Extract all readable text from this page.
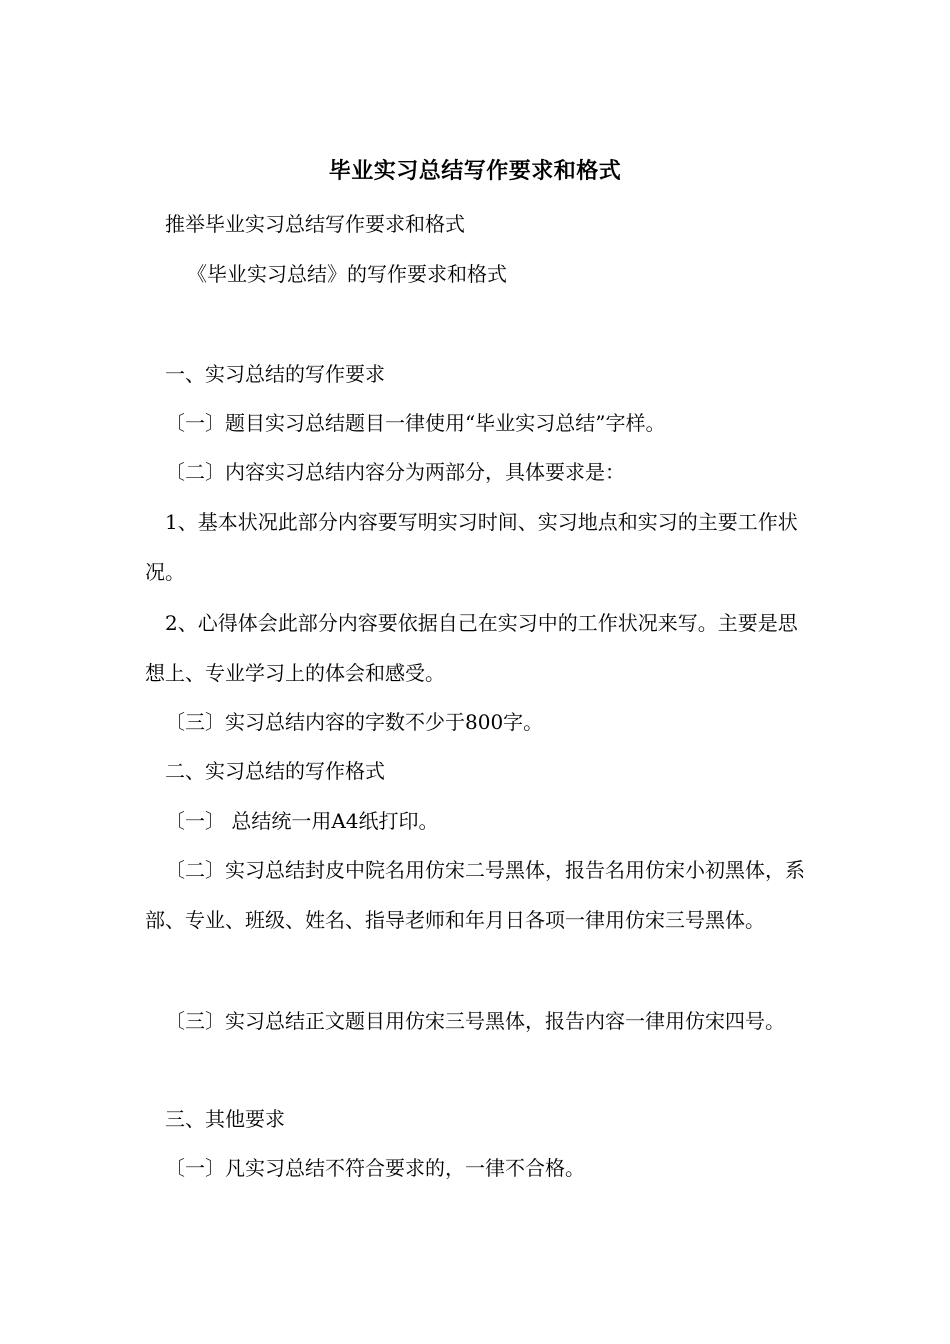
毕业实习总结写作要求和格式

推举毕业实习总结写作要求和格式

《毕业实习总结》的写作要求和格式

一、实习总结的写作要求

〔一〕题目实习总结题目一律使用“毕业实习总结”字样。

〔二〕内容实习总结内容分为两部分，具体要求是：

1、基本状况此部分内容要写明实习时间、实习地点和实习的主要工作状况。

2、心得体会此部分内容要依据自己在实习中的工作状况来写。主要是思想上、专业学习上的体会和感受。

〔三〕实习总结内容的字数不少于800字。

二、实习总结的写作格式

〔一〕 总结统一用A4纸打印。

〔二〕实习总结封皮中院名用仿宋二号黑体，报告名用仿宋小初黑体，系部、专业、班级、姓名、指导老师和年月日各项一律用仿宋三号黑体。

〔三〕实习总结正文题目用仿宋三号黑体，报告内容一律用仿宋四号。

三、其他要求

〔一〕凡实习总结不符合要求的，一律不合格。
